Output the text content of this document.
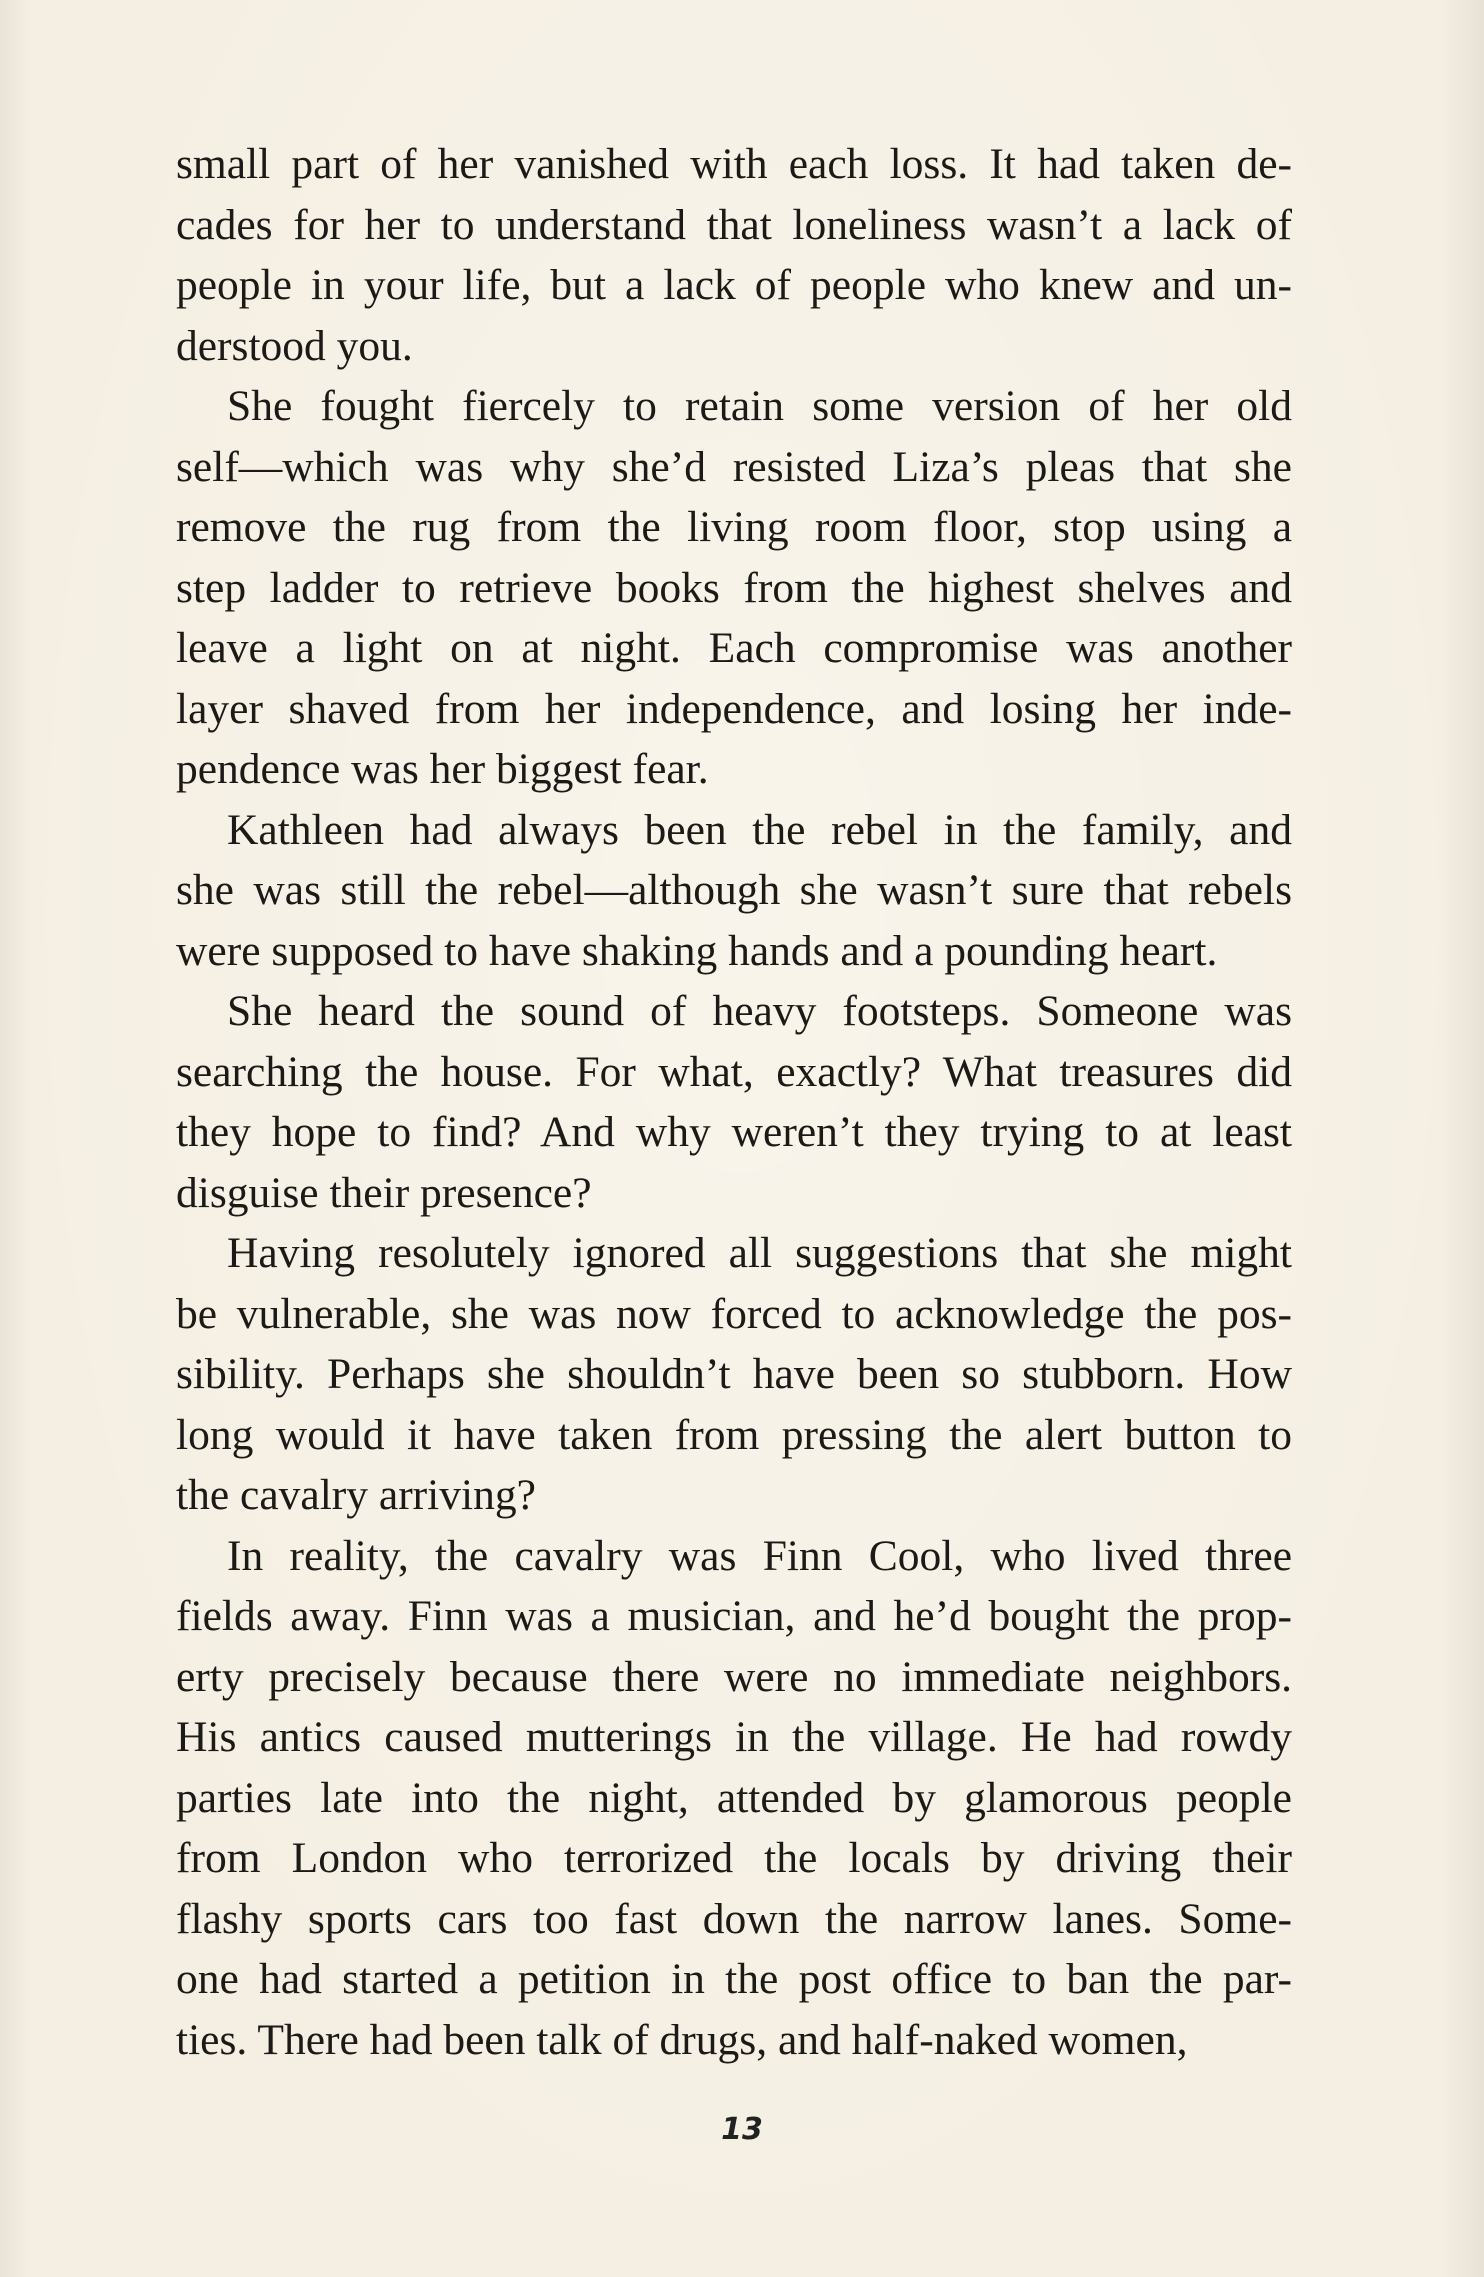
small part of her vanished with each loss. It had taken de-
cades for her to understand that loneliness wasn’t a lack of
people in your life, but a lack of people who knew and un-
derstood you.

She fought fiercely to retain some version of her old
self—which was why she’d resisted Liza’s pleas that she
remove the rug from the living room floor, stop using a
step ladder to retrieve books from the highest shelves and
leave a light on at night. Each compromise was another
layer shaved from her independence, and losing her inde-
pendence was her biggest fear.

Kathleen had always been the rebel in the family, and
she was still the rebel—although she wasn’t sure that rebels
were supposed to have shaking hands and a pounding heart.

She heard the sound of heavy footsteps. Someone was
searching the house. For what, exactly? What treasures did
they hope to find? And why weren’t they trying to at least
disguise their presence?

Having resolutely ignored all suggestions that she might
be vulnerable, she was now forced to acknowledge the pos-
sibility. Perhaps she shouldn’t have been so stubborn. How
long would it have taken from pressing the alert button to
the cavalry arriving?

In reality, the cavalry was Finn Cool, who lived three
fields away. Finn was a musician, and he’d bought the prop-
erty precisely because there were no immediate neighbors.
His antics caused mutterings in the village. He had rowdy
parties late into the night, attended by glamorous people
from London who terrorized the locals by driving their
flashy sports cars too fast down the narrow lanes. Some-
one had started a petition in the post office to ban the par-
ties. There had been talk of drugs, and half-naked women,

13
